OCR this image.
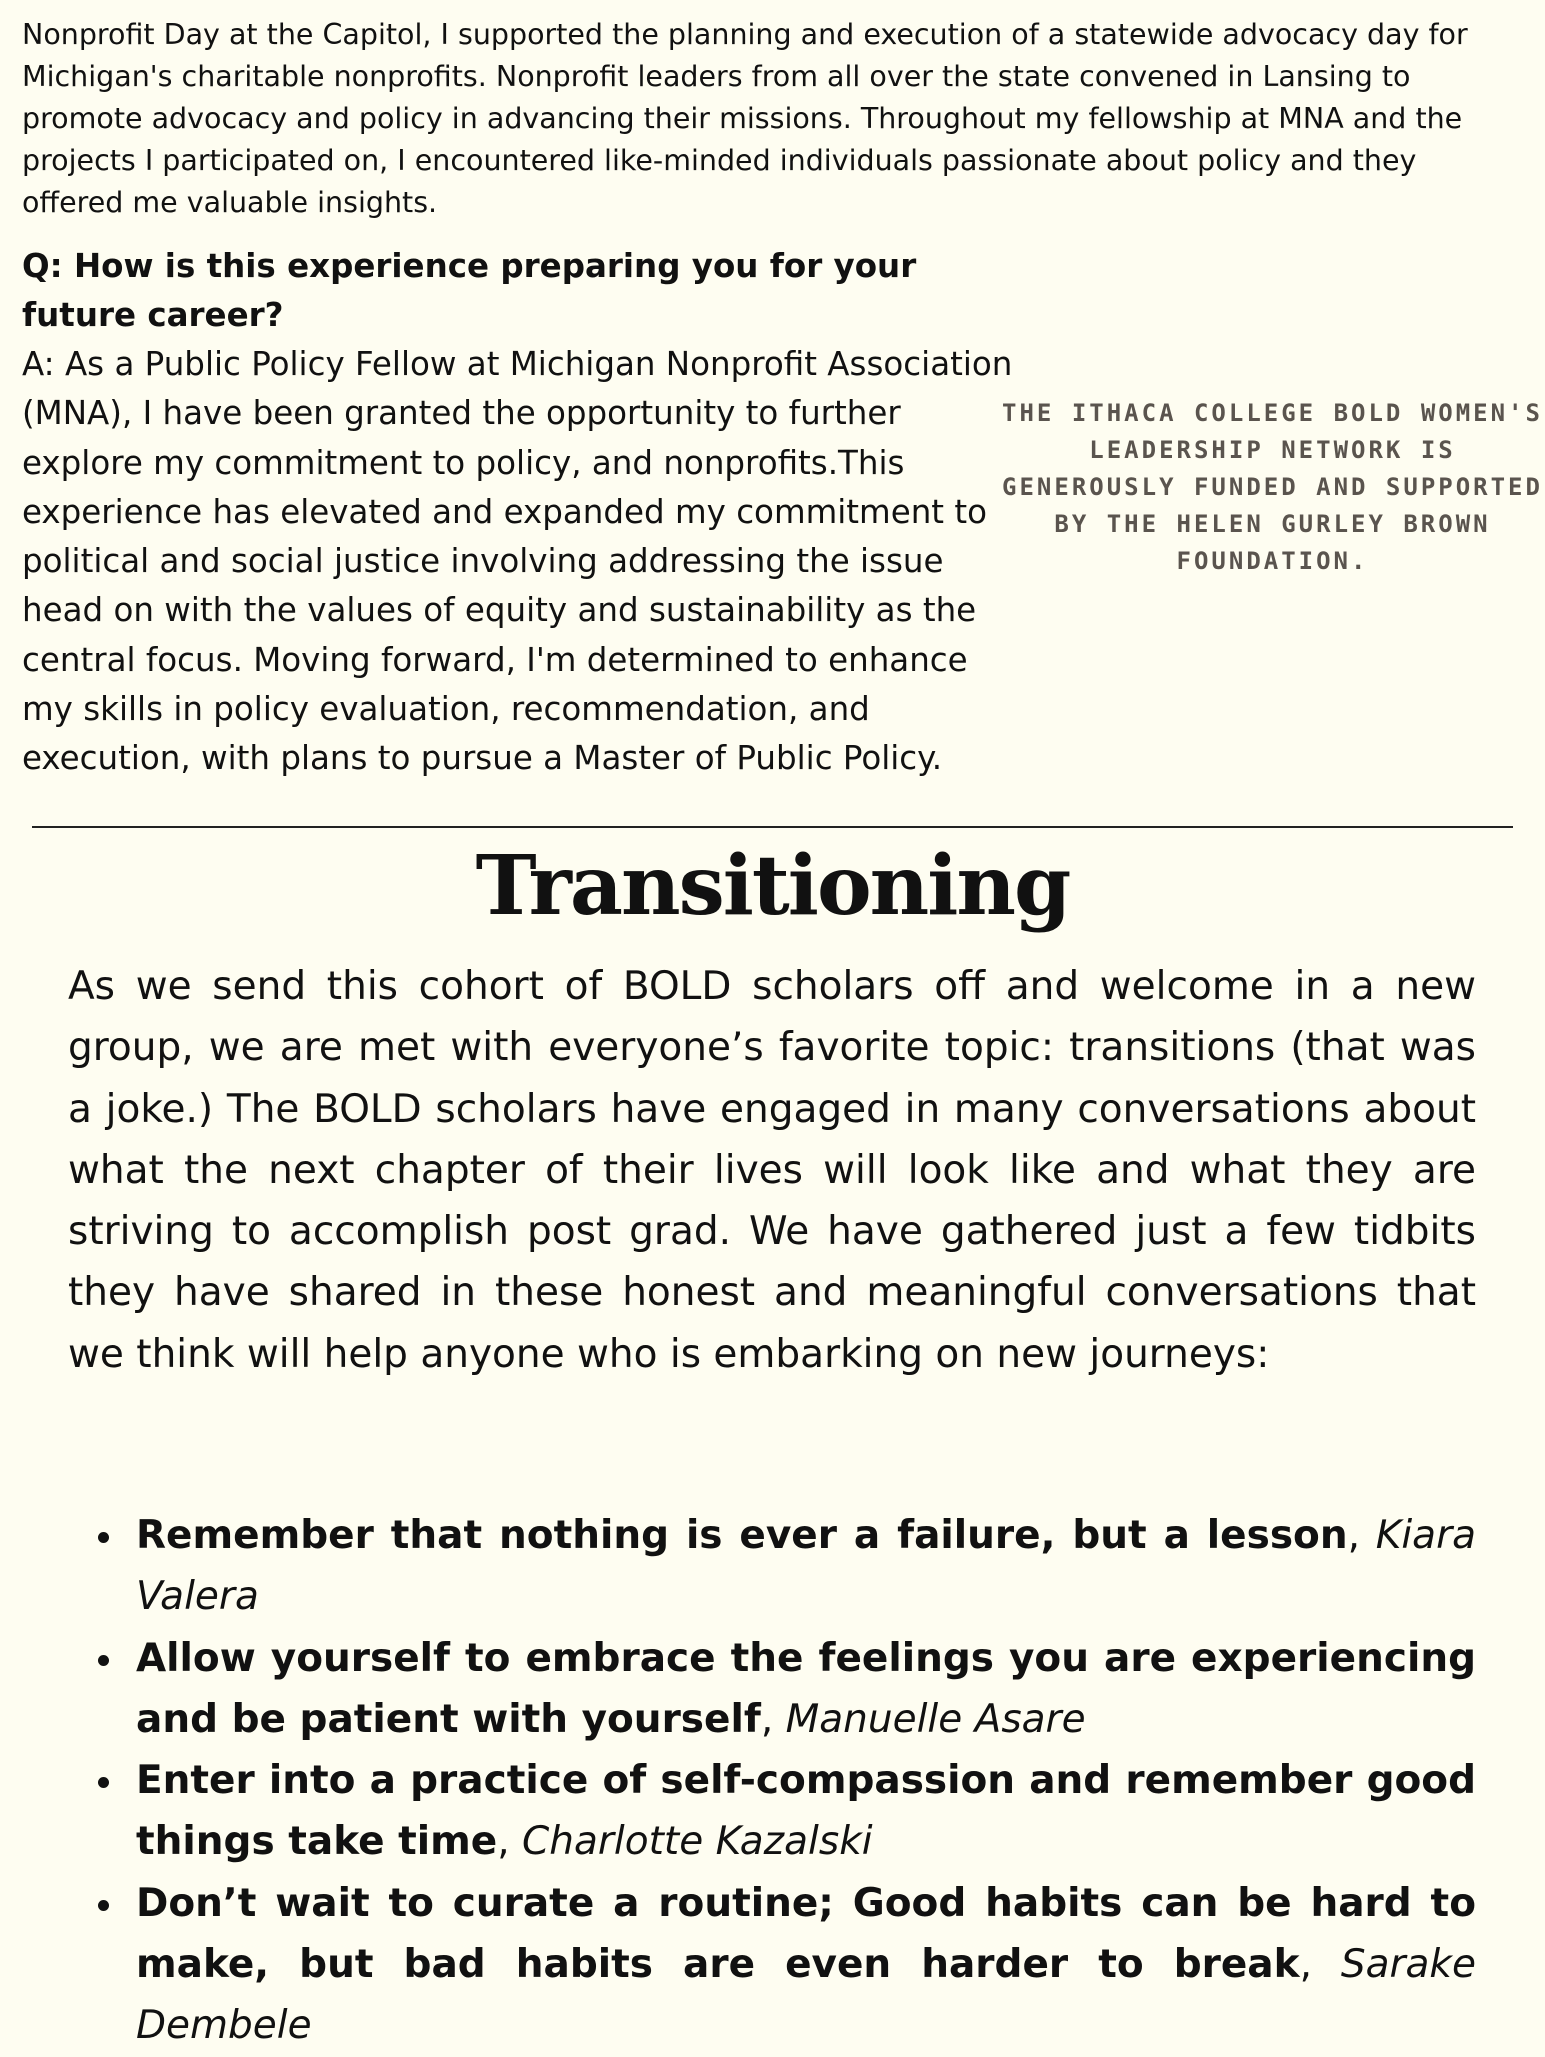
Nonprofit Day at the Capitol, I supported the planning and execution of a statewide advocacy day for Michigan's charitable nonprofits. Nonprofit leaders from all over the state convened in Lansing to promote advocacy and policy in advancing their missions. Throughout my fellowship at MNA and the projects I participated on, I encountered like-minded individuals passionate about policy and they offered me valuable insights.

Q: How is this experience preparing you for your future career?

A: As a Public Policy Fellow at Michigan Nonprofit Association (MNA), I have been granted the opportunity to further explore my commitment to policy, and nonprofits.This experience has elevated and expanded my commitment to political and social justice involving addressing the issue head on with the values of equity and sustainability as the central focus. Moving forward, I'm determined to enhance my skills in policy evaluation, recommendation, and execution, with plans to pursue a Master of Public Policy.

THE ITHACA COLLEGE BOLD WOMEN'S LEADERSHIP NETWORK IS GENEROUSLY FUNDED AND SUPPORTED BY THE HELEN GURLEY BROWN FOUNDATION.

Transitioning

As we send this cohort of BOLD scholars off and welcome in a new group, we are met with everyone’s favorite topic: transitions (that was a joke.) The BOLD scholars have engaged in many conversations about what the next chapter of their lives will look like and what they are striving to accomplish post grad. We have gathered just a few tidbits they have shared in these honest and meaningful conversations that we think will help anyone who is embarking on new journeys:

Remember that nothing is ever a failure, but a lesson, Kiara Valera
Allow yourself to embrace the feelings you are experiencing and be patient with yourself, Manuelle Asare
Enter into a practice of self-compassion and remember good things take time, Charlotte Kazalski
Don’t wait to curate a routine; Good habits can be hard to make, but bad habits are even harder to break, Sarake Dembele
